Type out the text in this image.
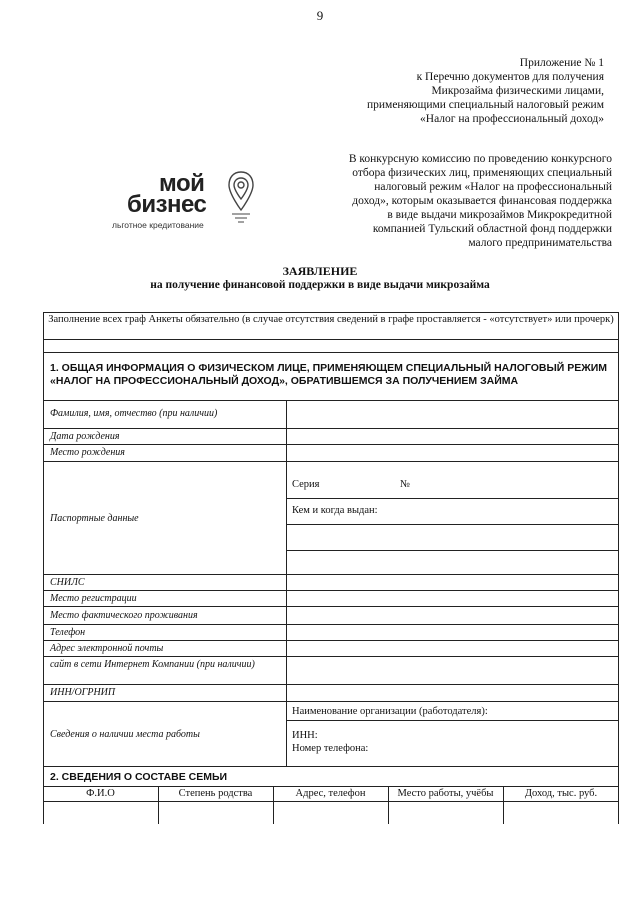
9
Приложение № 1
к Перечню документов для получения
Микрозайма физическими лицами,
применяющими специальный налоговый режим
«Налог на профессиональный доход»
мой
бизнес
льготное кредитование
В конкурсную комиссию по проведению конкурсного
отбора физических лиц, применяющих специальный
налоговый режим «Налог на профессиональный
доход», которым оказывается финансовая поддержка
в виде выдачи микрозаймов Микрокредитной
компанией Тульский областной фонд поддержки
малого предпринимательства
ЗАЯВЛЕНИЕ
на получение финансовой поддержки в виде выдачи микрозайма
Заполнение всех граф Анкеты обязательно (в случае отсутствия сведений в графе проставляется - «отсутствует» или прочерк)
1. ОБЩАЯ ИНФОРМАЦИЯ О ФИЗИЧЕСКОМ ЛИЦЕ, ПРИМЕНЯЮЩЕМ СПЕЦИАЛЬНЫЙ НАЛОГОВЫЙ РЕЖИМ
«НАЛОГ НА ПРОФЕССИОНАЛЬНЫЙ ДОХОД», ОБРАТИВШЕМСЯ ЗА ПОЛУЧЕНИЕМ ЗАЙМА
Фамилия, имя, отчество (при наличии)
Дата рождения
Место рождения
Паспортные данные
Серия	№
Кем и когда выдан:
СНИЛС
Место регистрации
Место фактического проживания
Телефон
Адрес электронной почты
сайт в сети Интернет Компании (при наличии)
ИНН/ОГРНИП
Сведения о наличии места работы
Наименование организации (работодателя):
ИНН:
Номер телефона:
2. СВЕДЕНИЯ О СОСТАВЕ СЕМЬИ
Ф.И.О	Степень родства	Адрес, телефон	Место работы, учёбы	Доход, тыс. руб.
